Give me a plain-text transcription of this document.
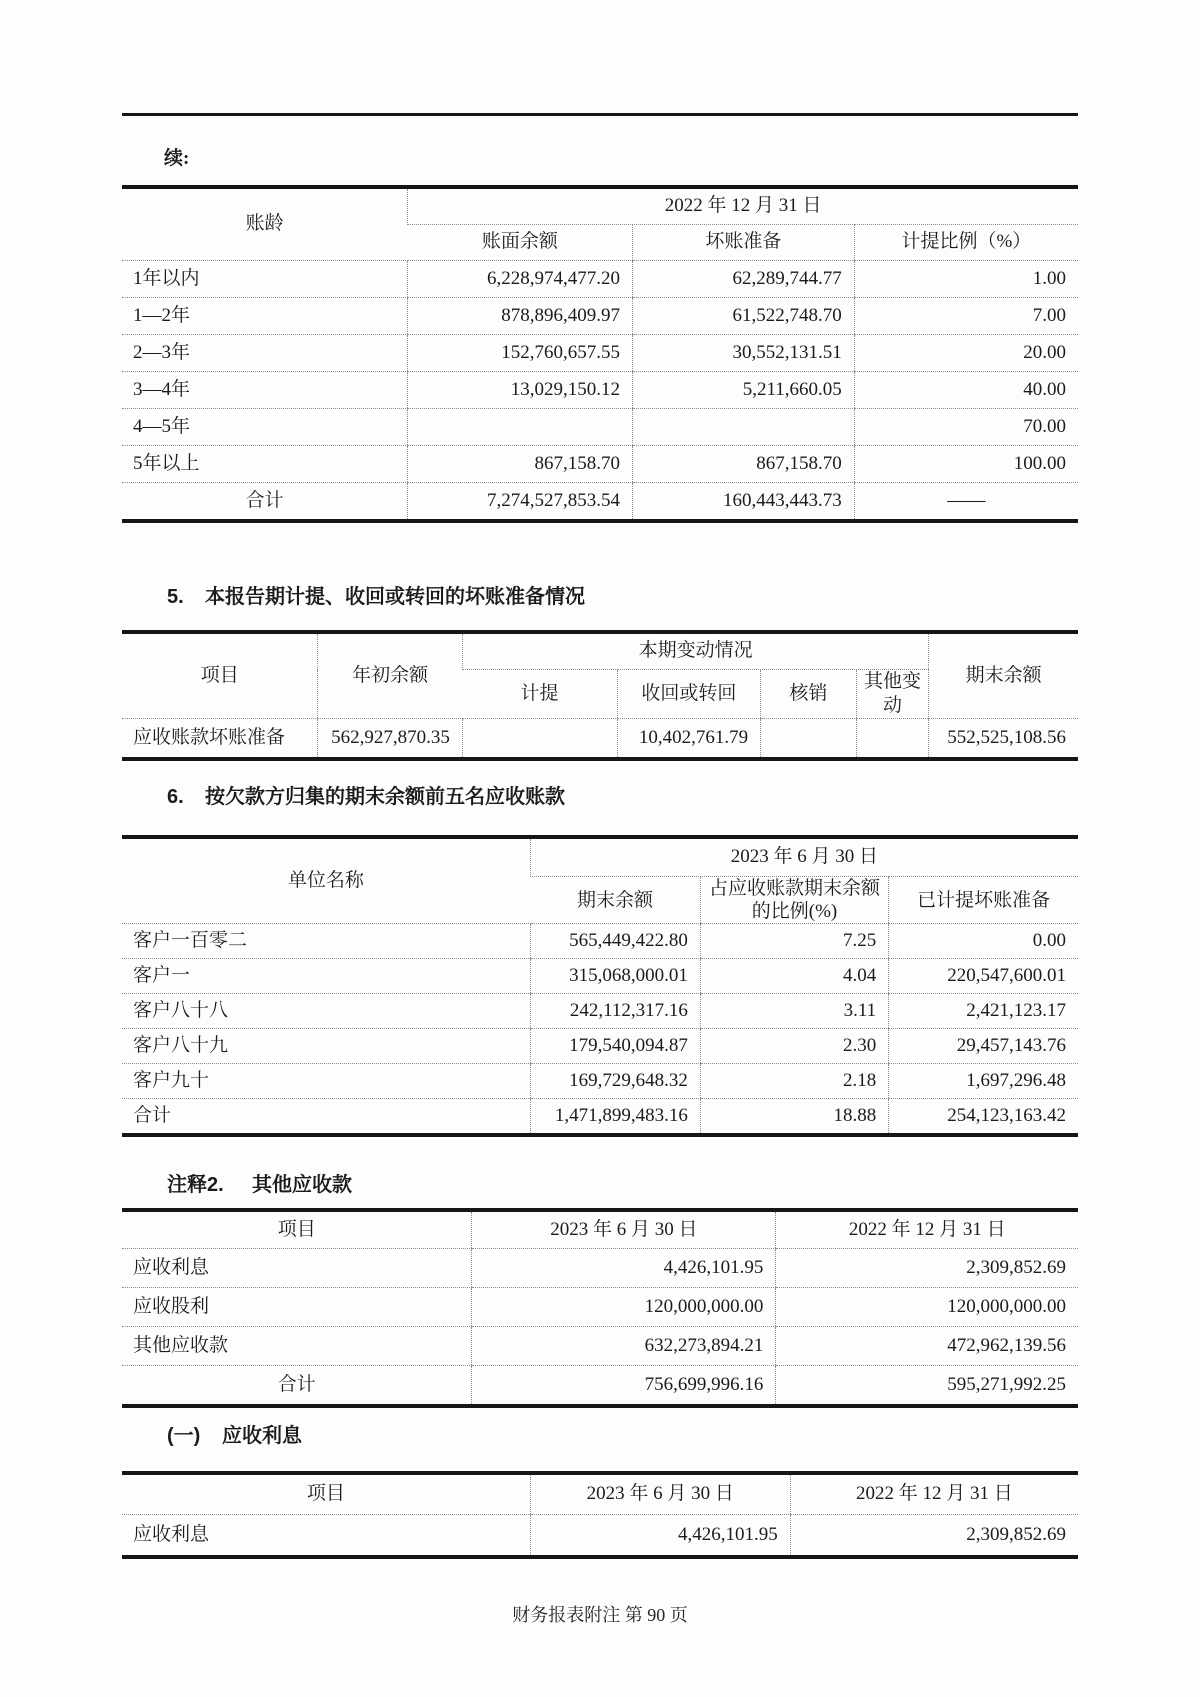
续:
账龄	2022 年 12 月 31 日		
	账面余额	坏账准备	计提比例（%）
1年以内	6,228,974,477.20	62,289,744.77	1.00
1—2年	878,896,409.97	61,522,748.70	7.00
2—3年	152,760,657.55	30,552,131.51	20.00
3—4年	13,029,150.12	5,211,660.05	40.00
4—5年			70.00
5年以上	867,158.70	867,158.70	100.00
合计	7,274,527,853.54	160,443,443.73	——
5. 本报告期计提、收回或转回的坏账准备情况
项目	年初余额	本期变动情况				期末余额
		计提	收回或转回	核销	其他变动	
应收账款坏账准备	562,927,870.35		10,402,761.79			552,525,108.56
6. 按欠款方归集的期末余额前五名应收账款
单位名称	2023 年 6 月 30 日		
	期末余额	占应收账款期末余额
的比例(%)	已计提坏账准备
客户一百零二	565,449,422.80	7.25	0.00
客户一	315,068,000.01	4.04	220,547,600.01
客户八十八	242,112,317.16	3.11	2,421,123.17
客户八十九	179,540,094.87	2.30	29,457,143.76
客户九十	169,729,648.32	2.18	1,697,296.48
合计	1,471,899,483.16	18.88	254,123,163.42
注释2. 其他应收款
项目	2023 年 6 月 30 日	2022 年 12 月 31 日
应收利息	4,426,101.95	2,309,852.69
应收股利	120,000,000.00	120,000,000.00
其他应收款	632,273,894.21	472,962,139.56
合计	756,699,996.16	595,271,992.25
(一) 应收利息
项目	2023 年 6 月 30 日	2022 年 12 月 31 日
应收利息	4,426,101.95	2,309,852.69
财务报表附注 第 90 页
